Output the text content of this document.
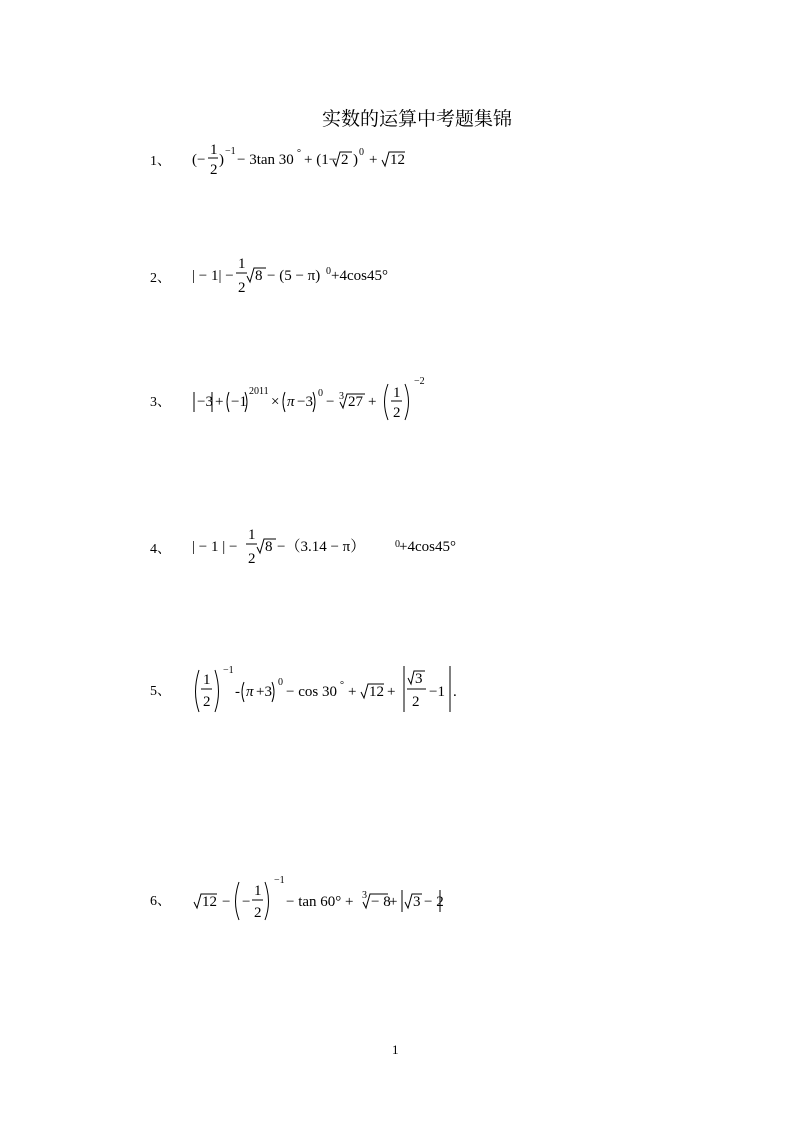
实数的运算中考题集锦
1、 (−
1
2
)
−1
− 3tan 30 ° + (1− 2 ) 0 + 12
2、 | − 1| −
1
2
8 − (5 − π) 0 +4cos45°
3、 −3 + −1
2011
× π −3
0
− 3 27 +
1
2
−2
4、 | − 1 | −
1
2
8 −（3.14 − π）	0 +4cos45°
5、
1
2
−1
- π +3
0
− cos 30 ° + 12 +
3
2
−1 .
6、 12 − −
1
2
−1
− tan 60° + 3 − 8
+ 3 − 2
1
